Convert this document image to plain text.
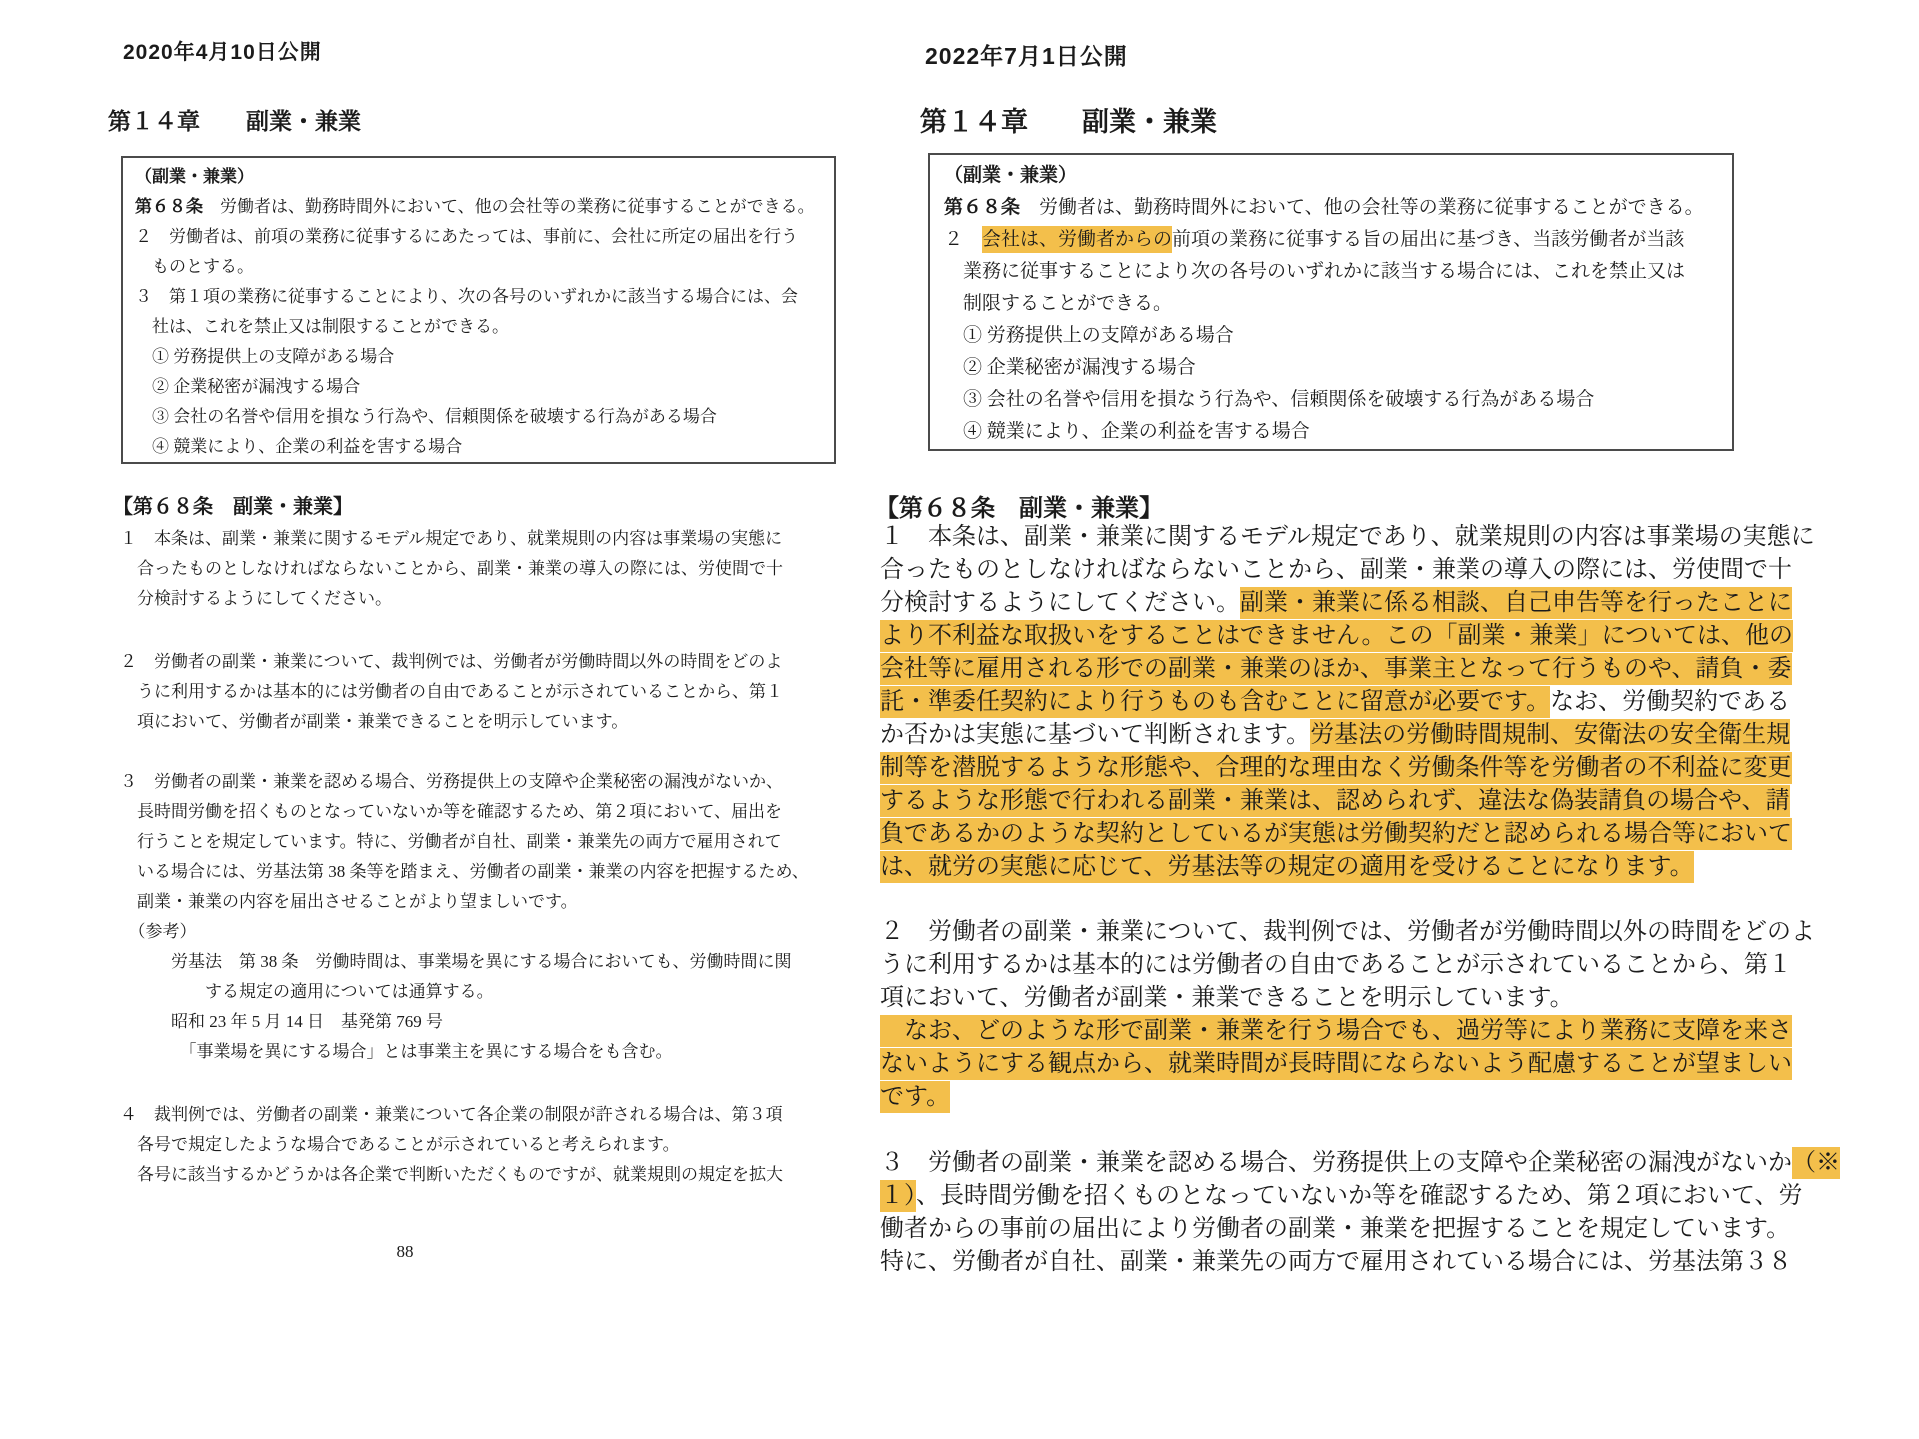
2020年4月10日公開
第１４章　　副業・兼業
（副業・兼業）
第６８条　労働者は、勤務時間外において、他の会社等の業務に従事することができる。
２　労働者は、前項の業務に従事するにあたっては、事前に、会社に所定の届出を行う
　ものとする。
３　第１項の業務に従事することにより、次の各号のいずれかに該当する場合には、会
　社は、これを禁止又は制限することができる。
　① 労務提供上の支障がある場合
　② 企業秘密が漏洩する場合
　③ 会社の名誉や信用を損なう行為や、信頼関係を破壊する行為がある場合
　④ 競業により、企業の利益を害する場合
【第６８条　副業・兼業】
１　本条は、副業・兼業に関するモデル規定であり、就業規則の内容は事業場の実態に
　合ったものとしなければならないことから、副業・兼業の導入の際には、労使間で十
　分検討するようにしてください。
２　労働者の副業・兼業について、裁判例では、労働者が労働時間以外の時間をどのよ
　うに利用するかは基本的には労働者の自由であることが示されていることから、第１
　項において、労働者が副業・兼業できることを明示しています。
３　労働者の副業・兼業を認める場合、労務提供上の支障や企業秘密の漏洩がないか、
　長時間労働を招くものとなっていないか等を確認するため、第２項において、届出を
　行うことを規定しています。特に、労働者が自社、副業・兼業先の両方で雇用されて
　いる場合には、労基法第 38 条等を踏まえ、労働者の副業・兼業の内容を把握するため、
　副業・兼業の内容を届出させることがより望ましいです。
　（参考）
　　　労基法　第 38 条　労働時間は、事業場を異にする場合においても、労働時間に関
　　　　　する規定の適用については通算する。
　　　昭和 23 年 5 月 14 日　基発第 769 号
　　　　「事業場を異にする場合」とは事業主を異にする場合をも含む。
４　裁判例では、労働者の副業・兼業について各企業の制限が許される場合は、第３項
　各号で規定したような場合であることが示されていると考えられます。
　各号に該当するかどうかは各企業で判断いただくものですが、就業規則の規定を拡大
88
2022年7月1日公開
第１４章　　副業・兼業
（副業・兼業）
第６８条　労働者は、勤務時間外において、他の会社等の業務に従事することができる。
２　会社は、労働者からの前項の業務に従事する旨の届出に基づき、当該労働者が当該
　業務に従事することにより次の各号のいずれかに該当する場合には、これを禁止又は
　制限することができる。
　① 労務提供上の支障がある場合
　② 企業秘密が漏洩する場合
　③ 会社の名誉や信用を損なう行為や、信頼関係を破壊する行為がある場合
　④ 競業により、企業の利益を害する場合
【第６８条　副業・兼業】
１　本条は、副業・兼業に関するモデル規定であり、就業規則の内容は事業場の実態に
合ったものとしなければならないことから、副業・兼業の導入の際には、労使間で十
分検討するようにしてください。副業・兼業に係る相談、自己申告等を行ったことに
より不利益な取扱いをすることはできません。この「副業・兼業」については、他の
会社等に雇用される形での副業・兼業のほか、事業主となって行うものや、請負・委
託・準委任契約により行うものも含むことに留意が必要です。なお、労働契約である
か否かは実態に基づいて判断されます。労基法の労働時間規制、安衛法の安全衛生規
制等を潜脱するような形態や、合理的な理由なく労働条件等を労働者の不利益に変更
するような形態で行われる副業・兼業は、認められず、違法な偽装請負の場合や、請
負であるかのような契約としているが実態は労働契約だと認められる場合等において
は、就労の実態に応じて、労基法等の規定の適用を受けることになります。
２　労働者の副業・兼業について、裁判例では、労働者が労働時間以外の時間をどのよ
うに利用するかは基本的には労働者の自由であることが示されていることから、第１
項において、労働者が副業・兼業できることを明示しています。
　なお、どのような形で副業・兼業を行う場合でも、過労等により業務に支障を来さ
ないようにする観点から、就業時間が長時間にならないよう配慮することが望ましい
です。
３　労働者の副業・兼業を認める場合、労務提供上の支障や企業秘密の漏洩がないか（※
１）、長時間労働を招くものとなっていないか等を確認するため、第２項において、労
働者からの事前の届出により労働者の副業・兼業を把握することを規定しています。
特に、労働者が自社、副業・兼業先の両方で雇用されている場合には、労基法第３８
